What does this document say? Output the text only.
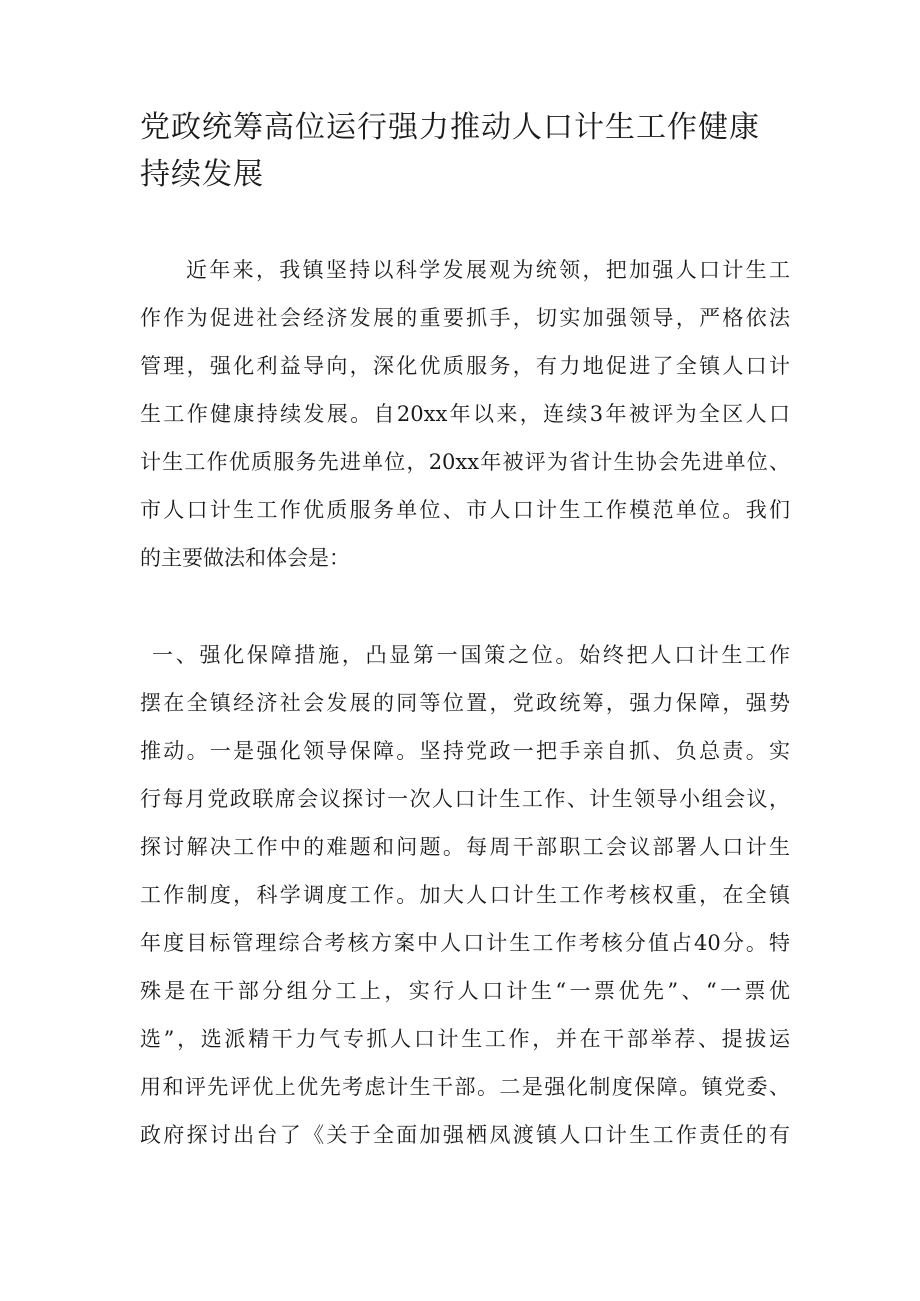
党政统筹高位运行强力推动人口计生工作健康
持续发展
近年来，我镇坚持以科学发展观为统领，把加强人口计生工
作作为促进社会经济发展的重要抓手，切实加强领导，严格依法
管理，强化利益导向，深化优质服务，有力地促进了全镇人口计
生工作健康持续发展。自20xx年以来，连续3年被评为全区人口
计生工作优质服务先进单位，20xx年被评为省计生协会先进单位、
市人口计生工作优质服务单位、市人口计生工作模范单位。我们
的主要做法和体会是：
一、强化保障措施，凸显第一国策之位。始终把人口计生工作
摆在全镇经济社会发展的同等位置，党政统筹，强力保障，强势
推动。一是强化领导保障。坚持党政一把手亲自抓、负总责。实
行每月党政联席会议探讨一次人口计生工作、计生领导小组会议，
探讨解决工作中的难题和问题。每周干部职工会议部署人口计生
工作制度，科学调度工作。加大人口计生工作考核权重，在全镇
年度目标管理综合考核方案中人口计生工作考核分值占40分。特
殊是在干部分组分工上，实行人口计生“一票优先”、“一票优
选”，选派精干力气专抓人口计生工作，并在干部举荐、提拔运
用和评先评优上优先考虑计生干部。二是强化制度保障。镇党委、
政府探讨出台了《关于全面加强栖凤渡镇人口计生工作责任的有
